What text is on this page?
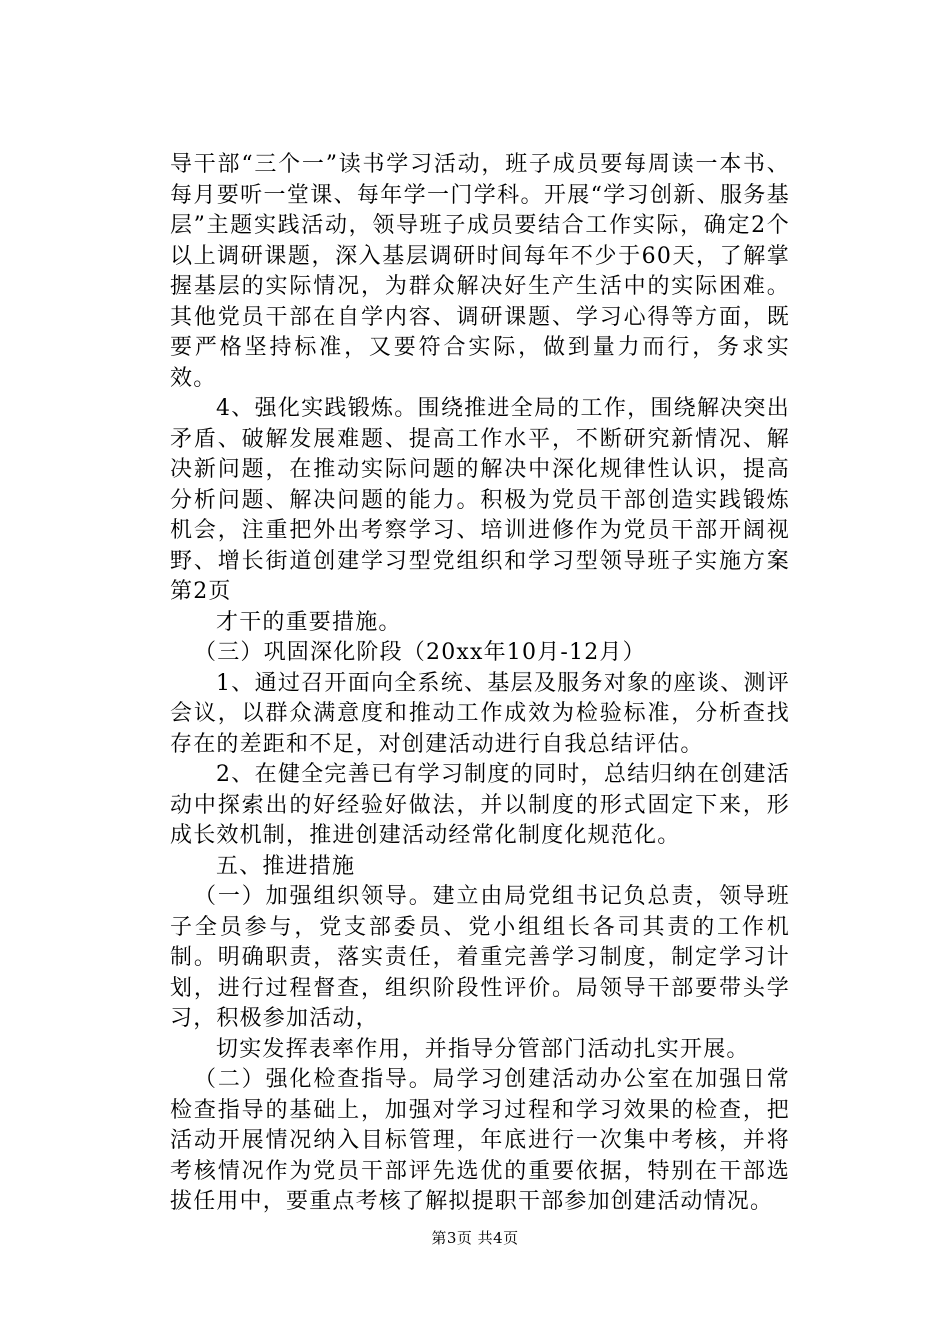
导干部“三个一”读书学习活动，班子成员要每周读一本书、每月要听一堂课、每年学一门学科。开展“学习创新、服务基层”主题实践活动，领导班子成员要结合工作实际，确定2个以上调研课题，深入基层调研时间每年不少于60天，了解掌握基层的实际情况，为群众解决好生产生活中的实际困难。其他党员干部在自学内容、调研课题、学习心得等方面，既要严格坚持标准，又要符合实际，做到量力而行，务求实效。

4、强化实践锻炼。围绕推进全局的工作，围绕解决突出矛盾、破解发展难题、提高工作水平，不断研究新情况、解决新问题，在推动实际问题的解决中深化规律性认识，提高分析问题、解决问题的能力。积极为党员干部创造实践锻炼机会，注重把外出考察学习、培训进修作为党员干部开阔视野、增长街道创建学习型党组织和学习型领导班子实施方案第2页

才干的重要措施。

（三）巩固深化阶段（20xx年10月-12月）

1、通过召开面向全系统、基层及服务对象的座谈、测评会议，以群众满意度和推动工作成效为检验标准，分析查找存在的差距和不足，对创建活动进行自我总结评估。

2、在健全完善已有学习制度的同时，总结归纳在创建活动中探索出的好经验好做法，并以制度的形式固定下来，形成长效机制，推进创建活动经常化制度化规范化。

五、推进措施

（一）加强组织领导。建立由局党组书记负总责，领导班子全员参与，党支部委员、党小组组长各司其责的工作机制。明确职责，落实责任，着重完善学习制度，制定学习计划，进行过程督查，组织阶段性评价。局领导干部要带头学习，积极参加活动，

切实发挥表率作用，并指导分管部门活动扎实开展。

（二）强化检查指导。局学习创建活动办公室在加强日常检查指导的基础上，加强对学习过程和学习效果的检查，把活动开展情况纳入目标管理，年底进行一次集中考核，并将考核情况作为党员干部评先选优的重要依据，特别在干部选拔任用中，要重点考核了解拟提职干部参加创建活动情况。

第3页 共4页
